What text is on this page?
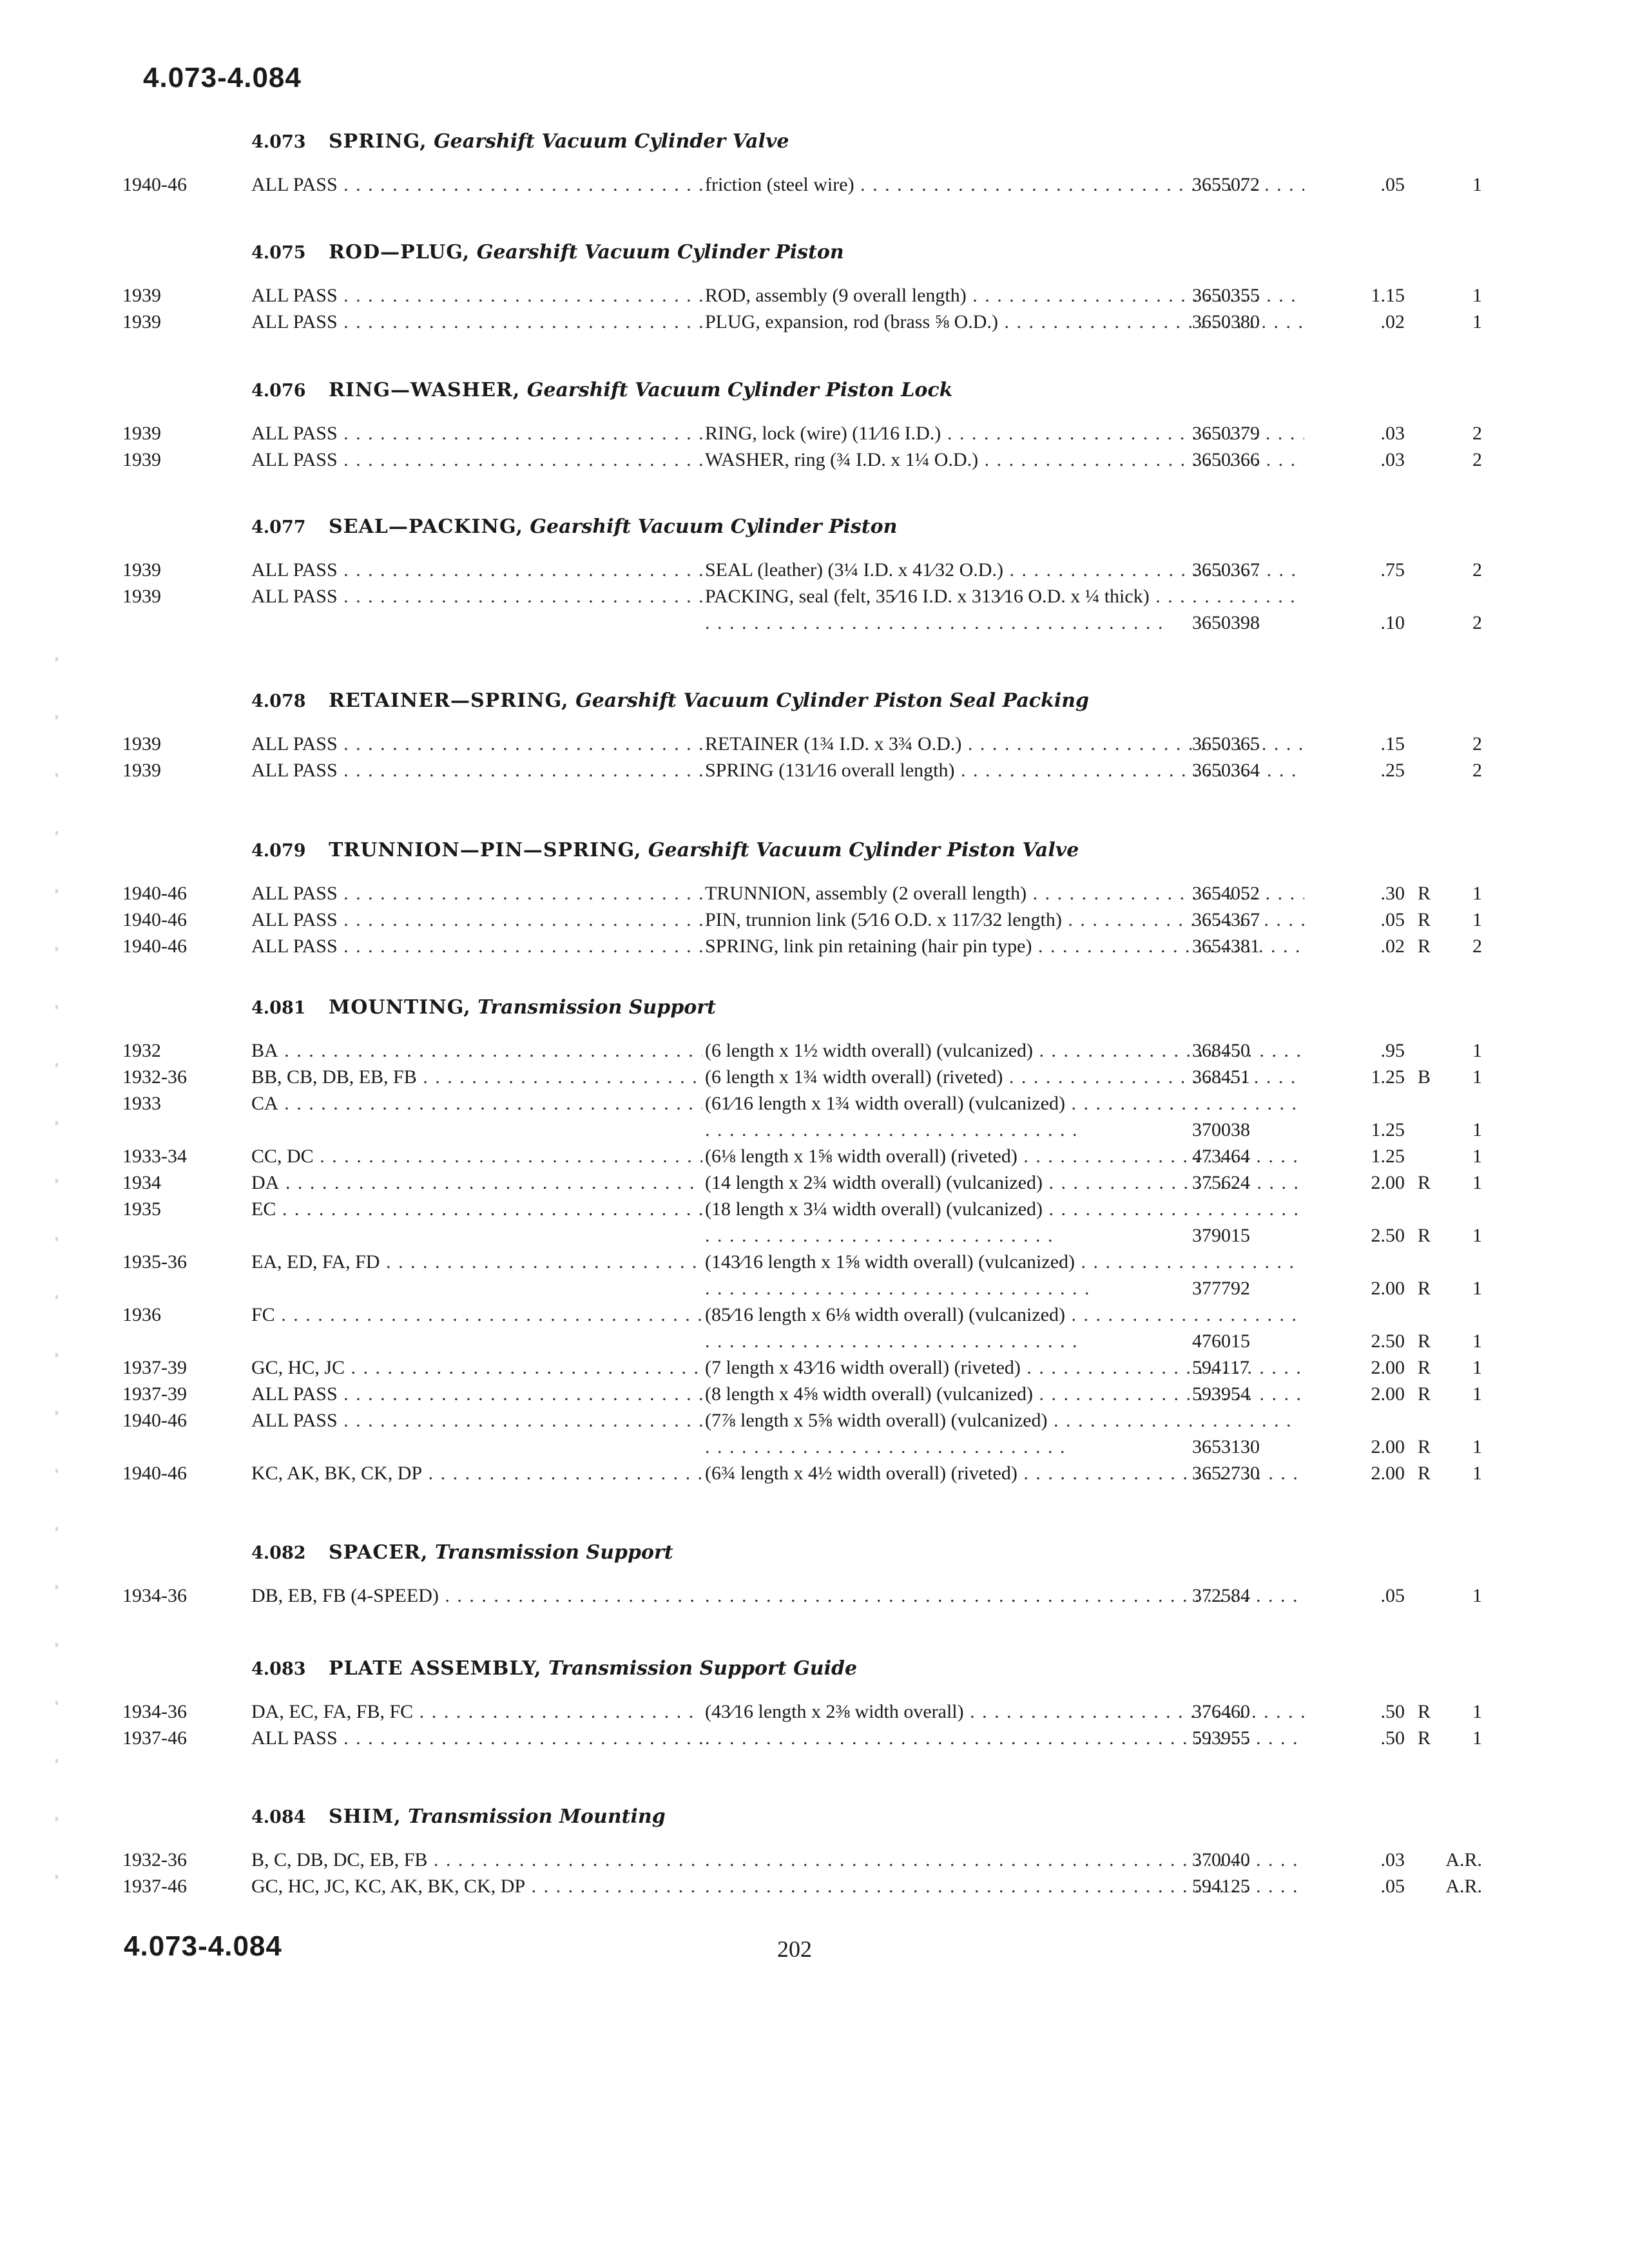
4.073-4.084
4.073 SPRING, Gearshift Vacuum Cylinder Valve
1940-46	ALL PASS . . .	friction (steel wire) . . .	3655072	.05	1
4.075 ROD—PLUG, Gearshift Vacuum Cylinder Piston
1939	ALL PASS . . .	ROD, assembly (9 overall length) . . .	3650355	1.15	1
1939	ALL PASS . . .	PLUG, expansion, rod (brass ⅝ O.D.) . . .	3650380	.02	1
4.076 RING—WASHER, Gearshift Vacuum Cylinder Piston Lock
1939	ALL PASS . . .	RING, lock (wire) (11⁄16 I.D.) . . .	3650379	.03	2
1939	ALL PASS . . .	WASHER, ring (¾ I.D. x 1¼ O.D.) . . .	3650366	.03	2
4.077 SEAL—PACKING, Gearshift Vacuum Cylinder Piston
1939	ALL PASS . . .	SEAL (leather) (3¼ I.D. x 41⁄32 O.D.) . . .	3650367	.75	2
1939	ALL PASS . . .	PACKING, seal (felt, 35⁄16 I.D. x 313⁄16 O.D. x ¼ thick) . . .
3650398	.10	2
4.078 RETAINER—SPRING, Gearshift Vacuum Cylinder Piston Seal Packing
1939	ALL PASS . . .	RETAINER (1¾ I.D. x 3¾ O.D.) . . .	3650365	.15	2
1939	ALL PASS . . .	SPRING (131⁄16 overall length) . . .	3650364	.25	2
4.079 TRUNNION—PIN—SPRING, Gearshift Vacuum Cylinder Piston Valve
1940-46	ALL PASS . . .	TRUNNION, assembly (2 overall length) . . .	3654052	.30 R	1
1940-46	ALL PASS . . .	PIN, trunnion link (5⁄16 O.D. x 117⁄32 length) . . .	3654367	.05 R	1
1940-46	ALL PASS . . .	SPRING, link pin retaining (hair pin type) . . .	3654381	.02 R	2
4.081 MOUNTING, Transmission Support
1932	BA . . .	(6 length x 1½ width overall) (vulcanized) . . .	368450	.95	1
1932-36	BB, CB, DB, EB, FB . . .	(6 length x 1¾ width overall) (riveted) . . .	368451	1.25 B	1
1933	CA . . .	(61⁄16 length x 1¾ width overall) (vulcanized) . . .
370038	1.25	1
1933-34	CC, DC . . .	(6⅛ length x 1⅝ width overall) (riveted) . . .	473464	1.25	1
1934	DA . . .	(14 length x 2¾ width overall) (vulcanized) . . .	375624	2.00 R	1
1935	EC . . .	(18 length x 3¼ width overall) (vulcanized) . . .
379015	2.50 R	1
1935-36	EA, ED, FA, FD . . .	(143⁄16 length x 1⅝ width overall) (vulcanized) . . .
377792	2.00 R	1
1936	FC . . .	(85⁄16 length x 6⅛ width overall) (vulcanized) . . .
476015	2.50 R	1
1937-39	GC, HC, JC . . .	(7 length x 43⁄16 width overall) (riveted) . . .	594117	2.00 R	1
1937-39	ALL PASS . . .	(8 length x 4⅝ width overall) (vulcanized) . . .	593954	2.00 R	1
1940-46	ALL PASS . . .	(7⅞ length x 5⅝ width overall) (vulcanized) . . .
3653130	2.00 R	1
1940-46	KC, AK, BK, CK, DP . . .	(6¾ length x 4½ width overall) (riveted) . . .	3652730	2.00 R	1
4.082 SPACER, Transmission Support
1934-36	DB, EB, FB (4-SPEED) . . . . . .	372584	.05	1
4.083 PLATE ASSEMBLY, Transmission Support Guide
1934-36	DA, EC, FA, FB, FC . . .	(43⁄16 length x 2⅜ width overall) . . .	376460	.50 R	1
1937-46	ALL PASS . . . . . .	593955	.50 R	1
4.084 SHIM, Transmission Mounting
1932-36	B, C, DB, DC, EB, FB . . . . . .	370040	.03	A.R.
1937-46	GC, HC, JC, KC, AK, BK, CK, DP . . . . . .	594125	.05	A.R.
4.073-4.084	202
